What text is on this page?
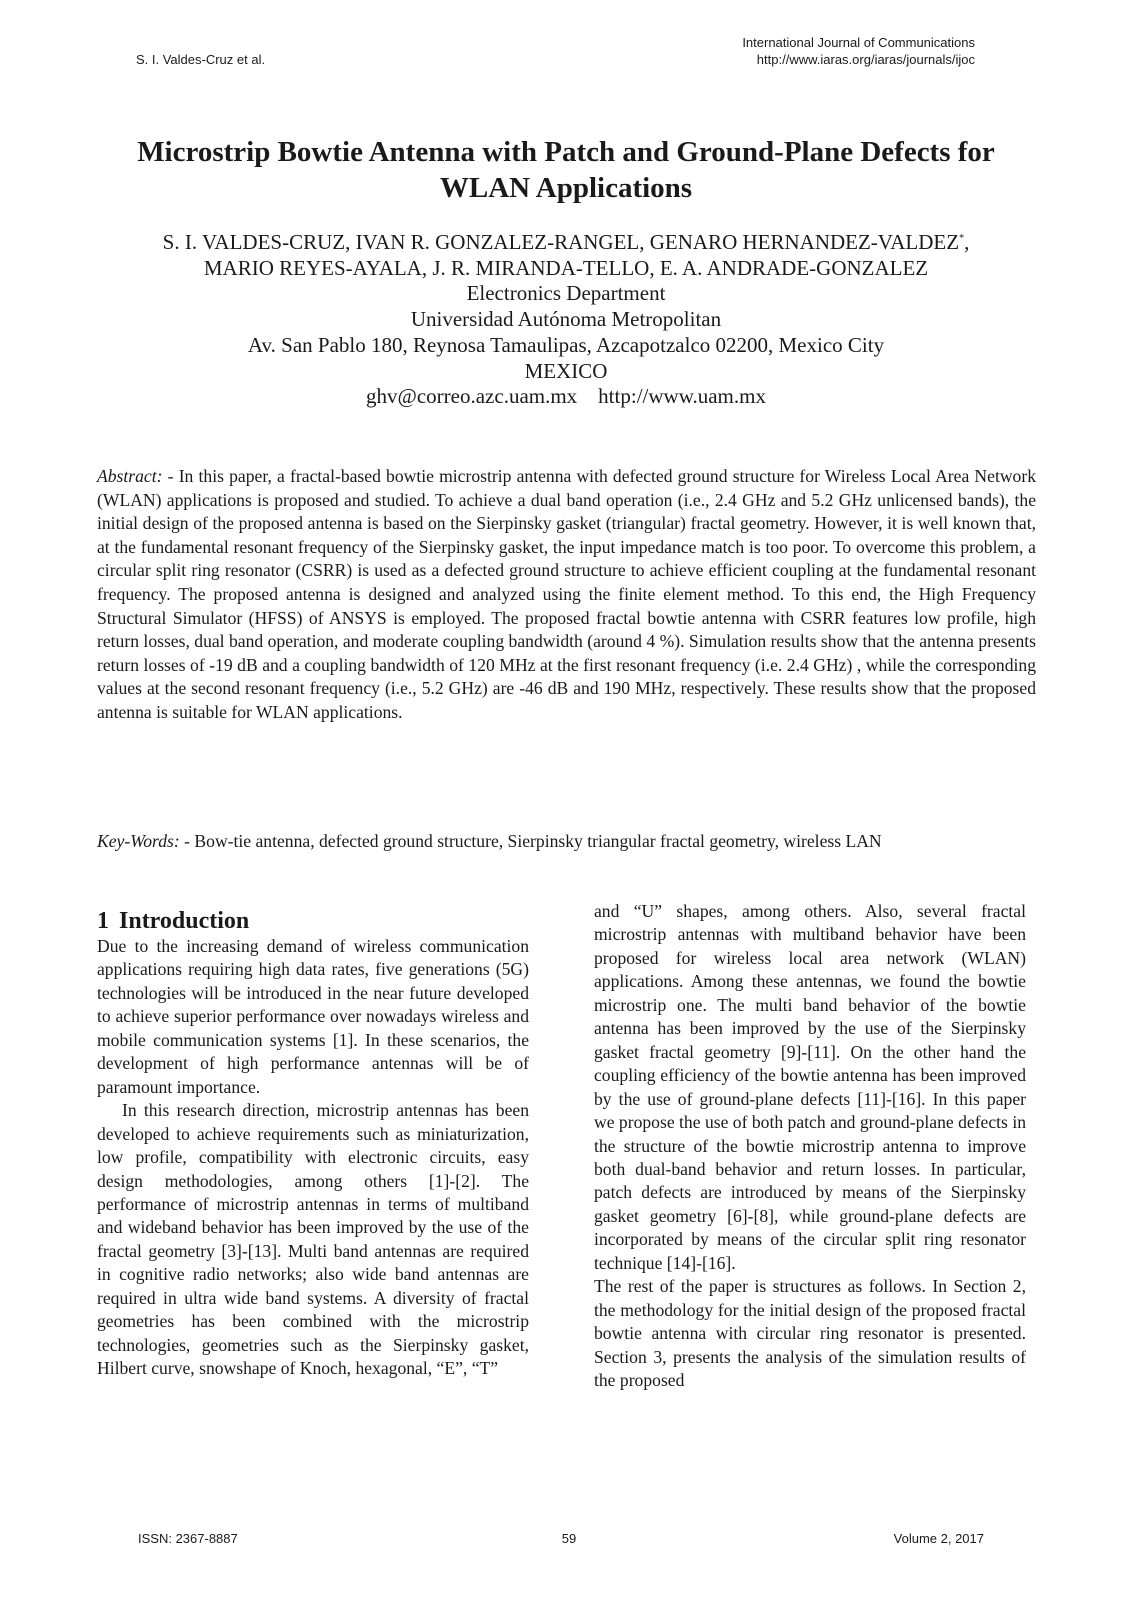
S. I. Valdes-Cruz et al.
International Journal of Communications
http://www.iaras.org/iaras/journals/ijoc
Microstrip Bowtie Antenna with Patch and Ground-Plane Defects for
WLAN Applications
S. I. VALDES-CRUZ, IVAN R. GONZALEZ-RANGEL, GENARO HERNANDEZ-VALDEZ*,
MARIO REYES-AYALA, J. R. MIRANDA-TELLO, E. A. ANDRADE-GONZALEZ
Electronics Department
Universidad Autónoma Metropolitan
Av. San Pablo 180, Reynosa Tamaulipas, Azcapotzalco 02200, Mexico City
MEXICO
ghv@correo.azc.uam.mx    http://www.uam.mx
Abstract: - In this paper, a fractal-based bowtie microstrip antenna with defected ground structure for Wireless Local Area Network (WLAN) applications is proposed and studied. To achieve a dual band operation (i.e., 2.4 GHz and 5.2 GHz unlicensed bands), the initial design of the proposed antenna is based on the Sierpinsky gasket (triangular) fractal geometry. However, it is well known that, at the fundamental resonant frequency of the Sierpinsky gasket, the input impedance match is too poor. To overcome this problem, a circular split ring resonator (CSRR) is used as a defected ground structure to achieve efficient coupling at the fundamental resonant frequency. The proposed antenna is designed and analyzed using the finite element method. To this end, the High Frequency Structural Simulator (HFSS) of ANSYS is employed. The proposed fractal bowtie antenna with CSRR features low profile, high return losses, dual band operation, and moderate coupling bandwidth (around 4 %). Simulation results show that the antenna presents return losses of -19 dB and a coupling bandwidth of 120 MHz at the first resonant frequency (i.e. 2.4 GHz) , while the corresponding values at the second resonant frequency (i.e., 5.2 GHz) are -46 dB and 190 MHz, respectively. These results show that the proposed antenna is suitable for WLAN applications.
Key-Words: - Bow-tie antenna, defected ground structure, Sierpinsky triangular fractal geometry, wireless LAN
1 Introduction

Due to the increasing demand of wireless communication applications requiring high data rates, five generations (5G) technologies will be introduced in the near future developed to achieve superior performance over nowadays wireless and mobile communication systems [1]. In these scenarios, the development of high performance antennas will be of paramount importance.

In this research direction, microstrip antennas has been developed to achieve requirements such as miniaturization, low profile, compatibility with electronic circuits, easy design methodologies, among others [1]-[2]. The performance of microstrip antennas in terms of multiband and wideband behavior has been improved by the use of the fractal geometry [3]-[13]. Multi band antennas are required in cognitive radio networks; also wide band antennas are required in ultra wide band systems. A diversity of fractal geometries has been combined with the microstrip technologies, geometries such as the Sierpinsky gasket, Hilbert curve, snowshape of Knoch, hexagonal, “E”, “T”

and “U” shapes, among others. Also, several fractal microstrip antennas with multiband behavior have been proposed for wireless local area network (WLAN) applications. Among these antennas, we found the bowtie microstrip one. The multi band behavior of the bowtie antenna has been improved by the use of the Sierpinsky gasket fractal geometry [9]-[11]. On the other hand the coupling efficiency of the bowtie antenna has been improved by the use of ground-plane defects [11]-[16]. In this paper we propose the use of both patch and ground-plane defects in the structure of the bowtie microstrip antenna to improve both dual-band behavior and return losses. In particular, patch defects are introduced by means of the Sierpinsky gasket geometry [6]-[8], while ground-plane defects are incorporated by means of the circular split ring resonator technique [14]-[16].

The rest of the paper is structures as follows. In Section 2, the methodology for the initial design of the proposed fractal bowtie antenna with circular ring resonator is presented. Section 3, presents the analysis of the simulation results of the proposed

ISSN: 2367-8887	59	Volume 2, 2017
